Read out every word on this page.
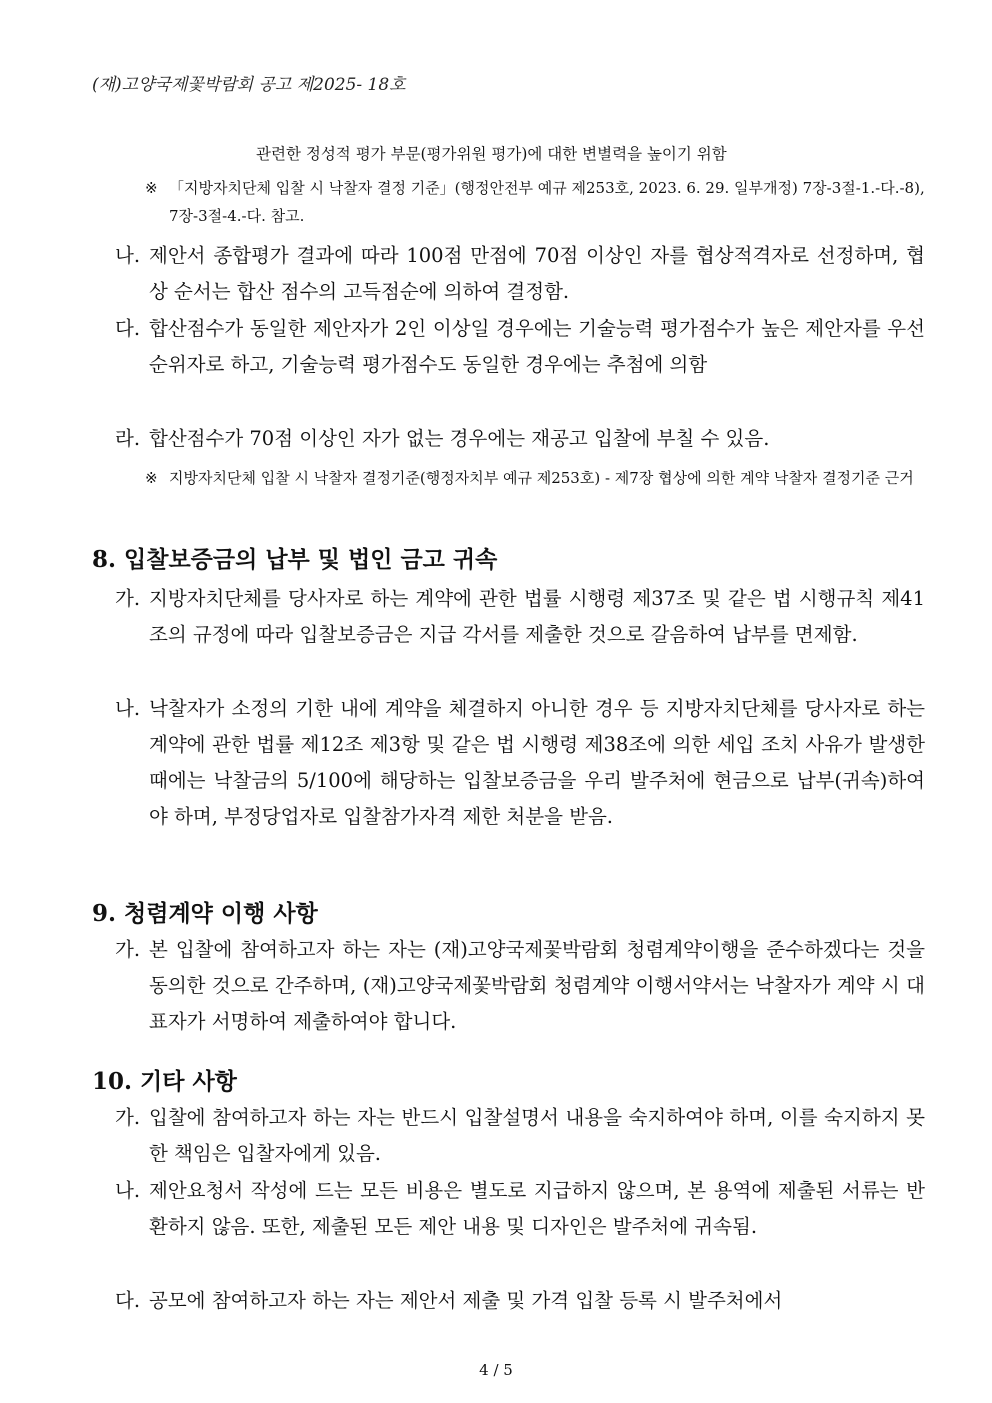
(재)고양국제꽃박람회 공고 제2025- 18호
관련한 정성적 평가 부문(평가위원 평가)에 대한 변별력을 높이기 위함
※ 「지방자치단체 입찰 시 낙찰자 결정 기준」(행정안전부 예규 제253호, 2023. 6. 29. 일부개정) 7장-3절-1.-다.-8), 7장-3절-4.-다. 참고.
나. 제안서 종합평가 결과에 따라 100점 만점에 70점 이상인 자를 협상적격자로 선정하며, 협상 순서는 합산 점수의 고득점순에 의하여 결정함.
다. 합산점수가 동일한 제안자가 2인 이상일 경우에는 기술능력 평가점수가 높은 제안자를 우선 순위자로 하고, 기술능력 평가점수도 동일한 경우에는 추첨에 의함
라. 합산점수가 70점 이상인 자가 없는 경우에는 재공고 입찰에 부칠 수 있음.
※ 지방자치단체 입찰 시 낙찰자 결정기준(행정자치부 예규 제253호) - 제7장 협상에 의한 계약 낙찰자 결정기준 근거
8. 입찰보증금의 납부 및 법인 금고 귀속
가. 지방자치단체를 당사자로 하는 계약에 관한 법률 시행령 제37조 및 같은 법 시행규칙 제41조의 규정에 따라 입찰보증금은 지급 각서를 제출한 것으로 갈음하여 납부를 면제함.
나. 낙찰자가 소정의 기한 내에 계약을 체결하지 아니한 경우 등 지방자치단체를 당사자로 하는 계약에 관한 법률 제12조 제3항 및 같은 법 시행령 제38조에 의한 세입 조치 사유가 발생한 때에는 낙찰금의 5/100에 해당하는 입찰보증금을 우리 발주처에 현금으로 납부(귀속)하여야 하며, 부정당업자로 입찰참가자격 제한 처분을 받음.
9. 청렴계약 이행 사항
가. 본 입찰에 참여하고자 하는 자는 (재)고양국제꽃박람회 청렴계약이행을 준수하겠다는 것을 동의한 것으로 간주하며, (재)고양국제꽃박람회 청렴계약 이행서약서는 낙찰자가 계약 시 대표자가 서명하여 제출하여야 합니다.
10. 기타 사항
가. 입찰에 참여하고자 하는 자는 반드시 입찰설명서 내용을 숙지하여야 하며, 이를 숙지하지 못한 책임은 입찰자에게 있음.
나. 제안요청서 작성에 드는 모든 비용은 별도로 지급하지 않으며, 본 용역에 제출된 서류는 반환하지 않음. 또한, 제출된 모든 제안 내용 및 디자인은 발주처에 귀속됨.
다. 공모에 참여하고자 하는 자는 제안서 제출 및 가격 입찰 등록 시 발주처에서
4 / 5
